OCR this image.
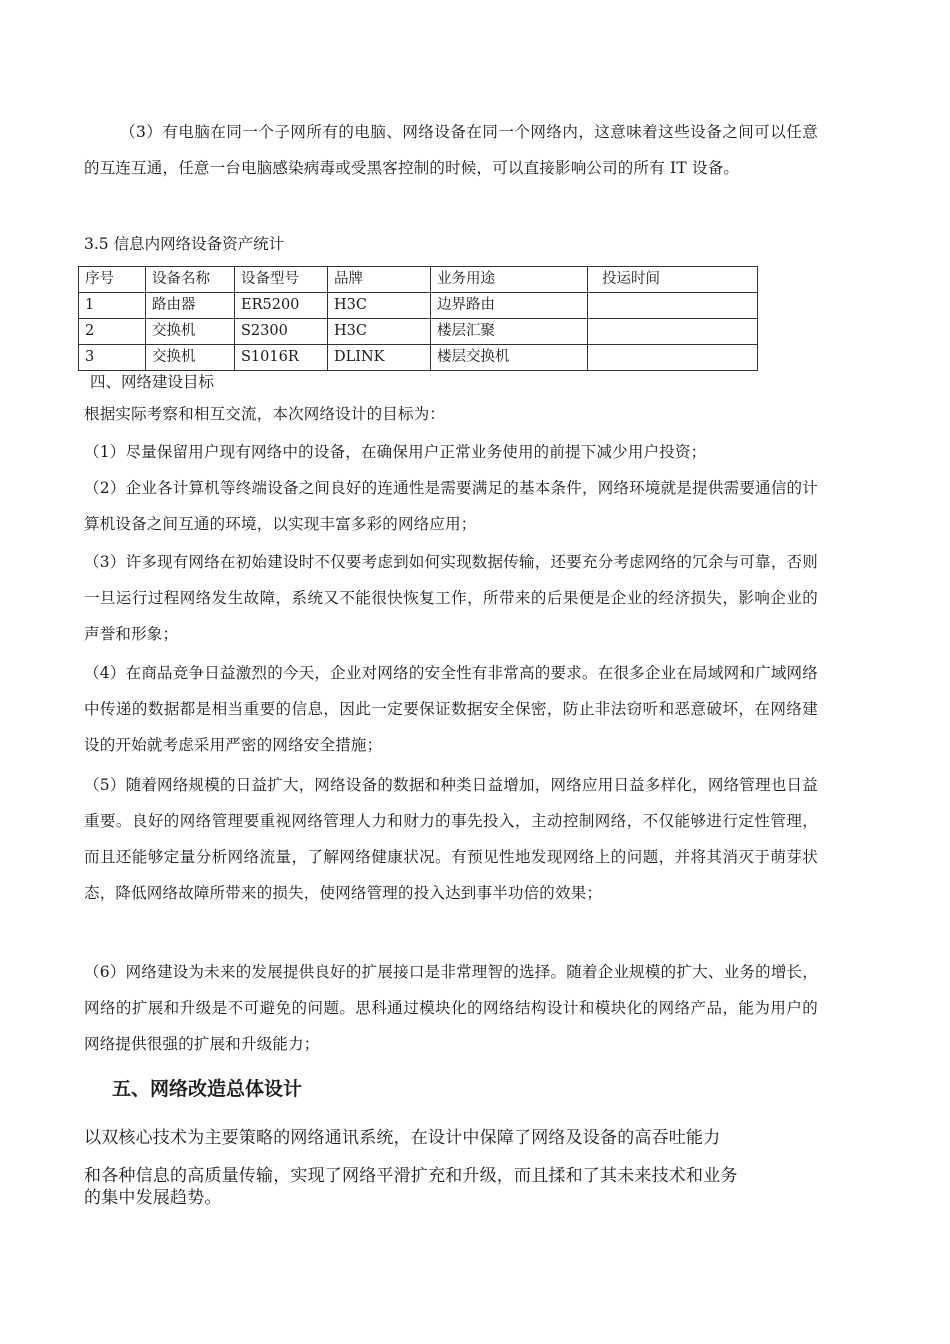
（3）有电脑在同一个子网所有的电脑、网络设备在同一个网络内，这意味着这些设备之间可以任意的互连互通，任意一台电脑感染病毒或受黑客控制的时候，可以直接影响公司的所有 IT 设备。

3.5 信息内网络设备资产统计

序号	设备名称	设备型号	品牌	业务用途	投运时间
1	路由器	ER5200	H3C	边界路由	
2	交换机	S2300	H3C	楼层汇聚	
3	交换机	S1016R	DLINK	楼层交换机	

四、网络建设目标

根据实际考察和相互交流，本次网络设计的目标为：

（1）尽量保留用户现有网络中的设备，在确保用户正常业务使用的前提下减少用户投资；

（2）企业各计算机等终端设备之间良好的连通性是需要满足的基本条件，网络环境就是提供需要通信的计算机设备之间互通的环境，以实现丰富多彩的网络应用；

（3）许多现有网络在初始建设时不仅要考虑到如何实现数据传输，还要充分考虑网络的冗余与可靠，否则一旦运行过程网络发生故障，系统又不能很快恢复工作，所带来的后果便是企业的经济损失，影响企业的声誉和形象；

（4）在商品竞争日益激烈的今天，企业对网络的安全性有非常高的要求。在很多企业在局域网和广域网络中传递的数据都是相当重要的信息，因此一定要保证数据安全保密，防止非法窃听和恶意破坏，在网络建设的开始就考虑采用严密的网络安全措施；

（5）随着网络规模的日益扩大，网络设备的数据和种类日益增加，网络应用日益多样化，网络管理也日益重要。良好的网络管理要重视网络管理人力和财力的事先投入，主动控制网络，不仅能够进行定性管理，而且还能够定量分析网络流量，了解网络健康状况。有预见性地发现网络上的问题，并将其消灭于萌芽状态，降低网络故障所带来的损失，使网络管理的投入达到事半功倍的效果；

（6）网络建设为未来的发展提供良好的扩展接口是非常理智的选择。随着企业规模的扩大、业务的增长，网络的扩展和升级是不可避免的问题。思科通过模块化的网络结构设计和模块化的网络产品，能为用户的网络提供很强的扩展和升级能力；

五、网络改造总体设计

以双核心技术为主要策略的网络通讯系统，在设计中保障了网络及设备的高吞吐能力

和各种信息的高质量传输，实现了网络平滑扩充和升级，而且揉和了其未来技术和业务

的集中发展趋势。
